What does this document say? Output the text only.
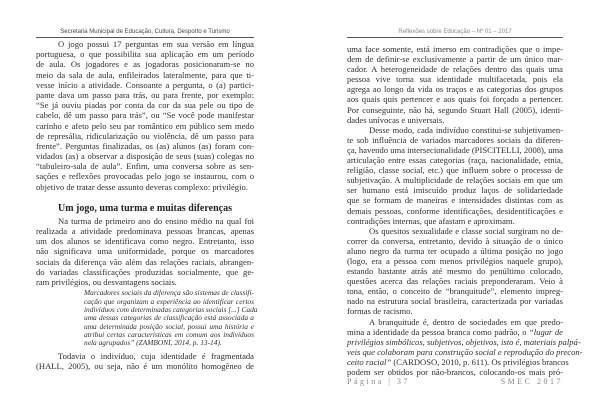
Secretaria Municipal de Educação, Cultura, Desporto e Turismo	Reflexões sobre Educação – Nº 01 – 2017
O jogo possui 17 perguntas em sua versão em língua
portuguesa, o que possibilita sua aplicação em um período
de aula. Os jogadores e as jogadoras posicionaram-se no
meio da sala de aula, enfileirados lateralmente, para que ti-
vesse início a atividade. Consoante a pergunta, o (a) partici-
pante dava um passo para trás, ou para frente, por exemplo:
“Se já ouviu piadas por conta da cor da sua pele ou tipo de
cabelo, dê um passo para trás”, ou “Se você pode manifestar
carinho e afeto pelo seu par romântico em público sem medo
de represália, ridicularização ou violência, dê um passo para
frente”. Perguntas finalizadas, os (as) alunos (as) foram con-
vidados (as) a observar a disposição de seus (suas) colegas no
“tabuleiro-sala de aula”. Enfim, uma conversa sobre as sen-
sações e reflexões provocadas pelo jogo se instaurou, com o
objetivo de tratar desse assunto deveras complexo: privilégio.
Um jogo, uma turma e muitas diferenças
Na turma de primeiro ano do ensino médio na qual foi
realizada a atividade predominava pessoas brancas, apenas
um dos alunos se identificava como negro. Entretanto, isso
não significava uma uniformidade, porque os marcadores
sociais da diferença vão além das relações raciais, abrangen-
do variadas classificações produzidas socialmente, que ge-
ram privilégios, ou desvantagens sociais.
Marcadores sociais da diferença são sistemas de classifi-
cação que organizam a experiência ao identificar certos
indivíduos com determinadas categorias sociais [...] Cada
uma dessas categorias de classificação está associada a
uma determinada posição social, possui uma história e
atribui certas características em comum aos indivíduos
nela agrupados” (ZAMBONI, 2014, p. 13-14).
Todavia o indivíduo, cuja identidade é fragmentada
(HALL, 2005), ou seja, não é um monólito homogêneo de
uma face somente, está imerso em contradições que o impe-
dem de definir-se exclusivamente a partir de um único mar-
cador. A heterogeneidade de relações dentro das quais uma
pessoa vive torna sua identidade multifacetada, pois ela
agrega ao longo da vida os traços e as categorias dos grupos
aos quais quis pertencer e aos quais foi forçado a pertencer.
Por conseguinte, não há, segundo Stuart Hall (2005), identi-
dades unívocas e universais.
Desse modo, cada indivíduo constitui-se subjetivamen-
te sob influência de variados marcadores sociais da diferen-
ça, havendo uma intersecionalidade (PISCITELLI, 2008), uma
articulação entre essas categorias (raça, nacionalidade, etnia,
religião, classe social, etc.) que influem sobre o processo de
subjetivação. A multiplicidade de relações sociais em que um
ser humano está imiscuído produz laços de solidariedade
que se formam de maneiras e intensidades distintas com as
demais pessoas, conforme identificações, desidentificações e
contradições internas, que afastam e aproximam.
Os quesitos sexualidade e classe social surgiram no de-
correr da conversa, entretanto, devido à situação de o único
aluno negro da turma ter ocupado a última posição no jogo
(logo, era a pessoa com menos privilégios naquele grupo),
estando bastante atrás até mesmo do penúltimo colocado,
questões acerca das relações raciais preponderaram. Veio à
tona, então, o conceito de “branquitude”, elemento impreg-
nado na estrutura social brasileira, caracterizada por variadas
formas de racismo.
A branquitude é, dentro de sociedades em que predo-
mina a identidade da pessoa branca como padrão, o “lugar de
privilégios simbólicos, subjetivos, objetivos, isto é, materiais palpá-
veis que colaboram para construção social e reprodução do precon-
ceito racial” (CARDOSO, 2010, p. 611). Os privilégios brancos
podem ser obtidos por não-brancos, colocando-os mais pró-
Página | 37	SMEC 2017
